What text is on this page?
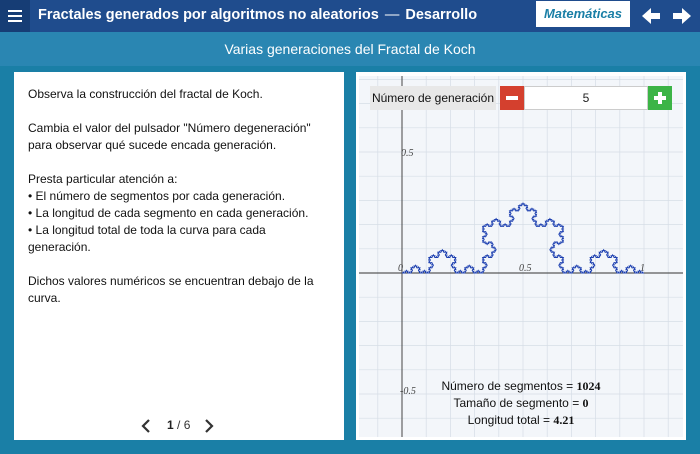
Fractales generados por algoritmos no aleatorios — Desarrollo	Matemáticas
Varias generaciones del Fractal de Koch

Observa la construcción del fractal de Koch.

Cambia el valor del pulsador "Número degeneración"
para observar qué sucede encada generación.

Presta particular atención a:
• El número de segmentos por cada generación.
• La longitud de cada segmento en cada generación.
• La longitud total de toda la curva para cada
generación.

Dichos valores numéricos se encuentran debajo de la
curva.

1 / 6
0.5
-0.5
0	0.5	1
Número de generación	5
Número de segmentos = 1024
Tamaño de segmento = 0
Longitud total = 4.21
